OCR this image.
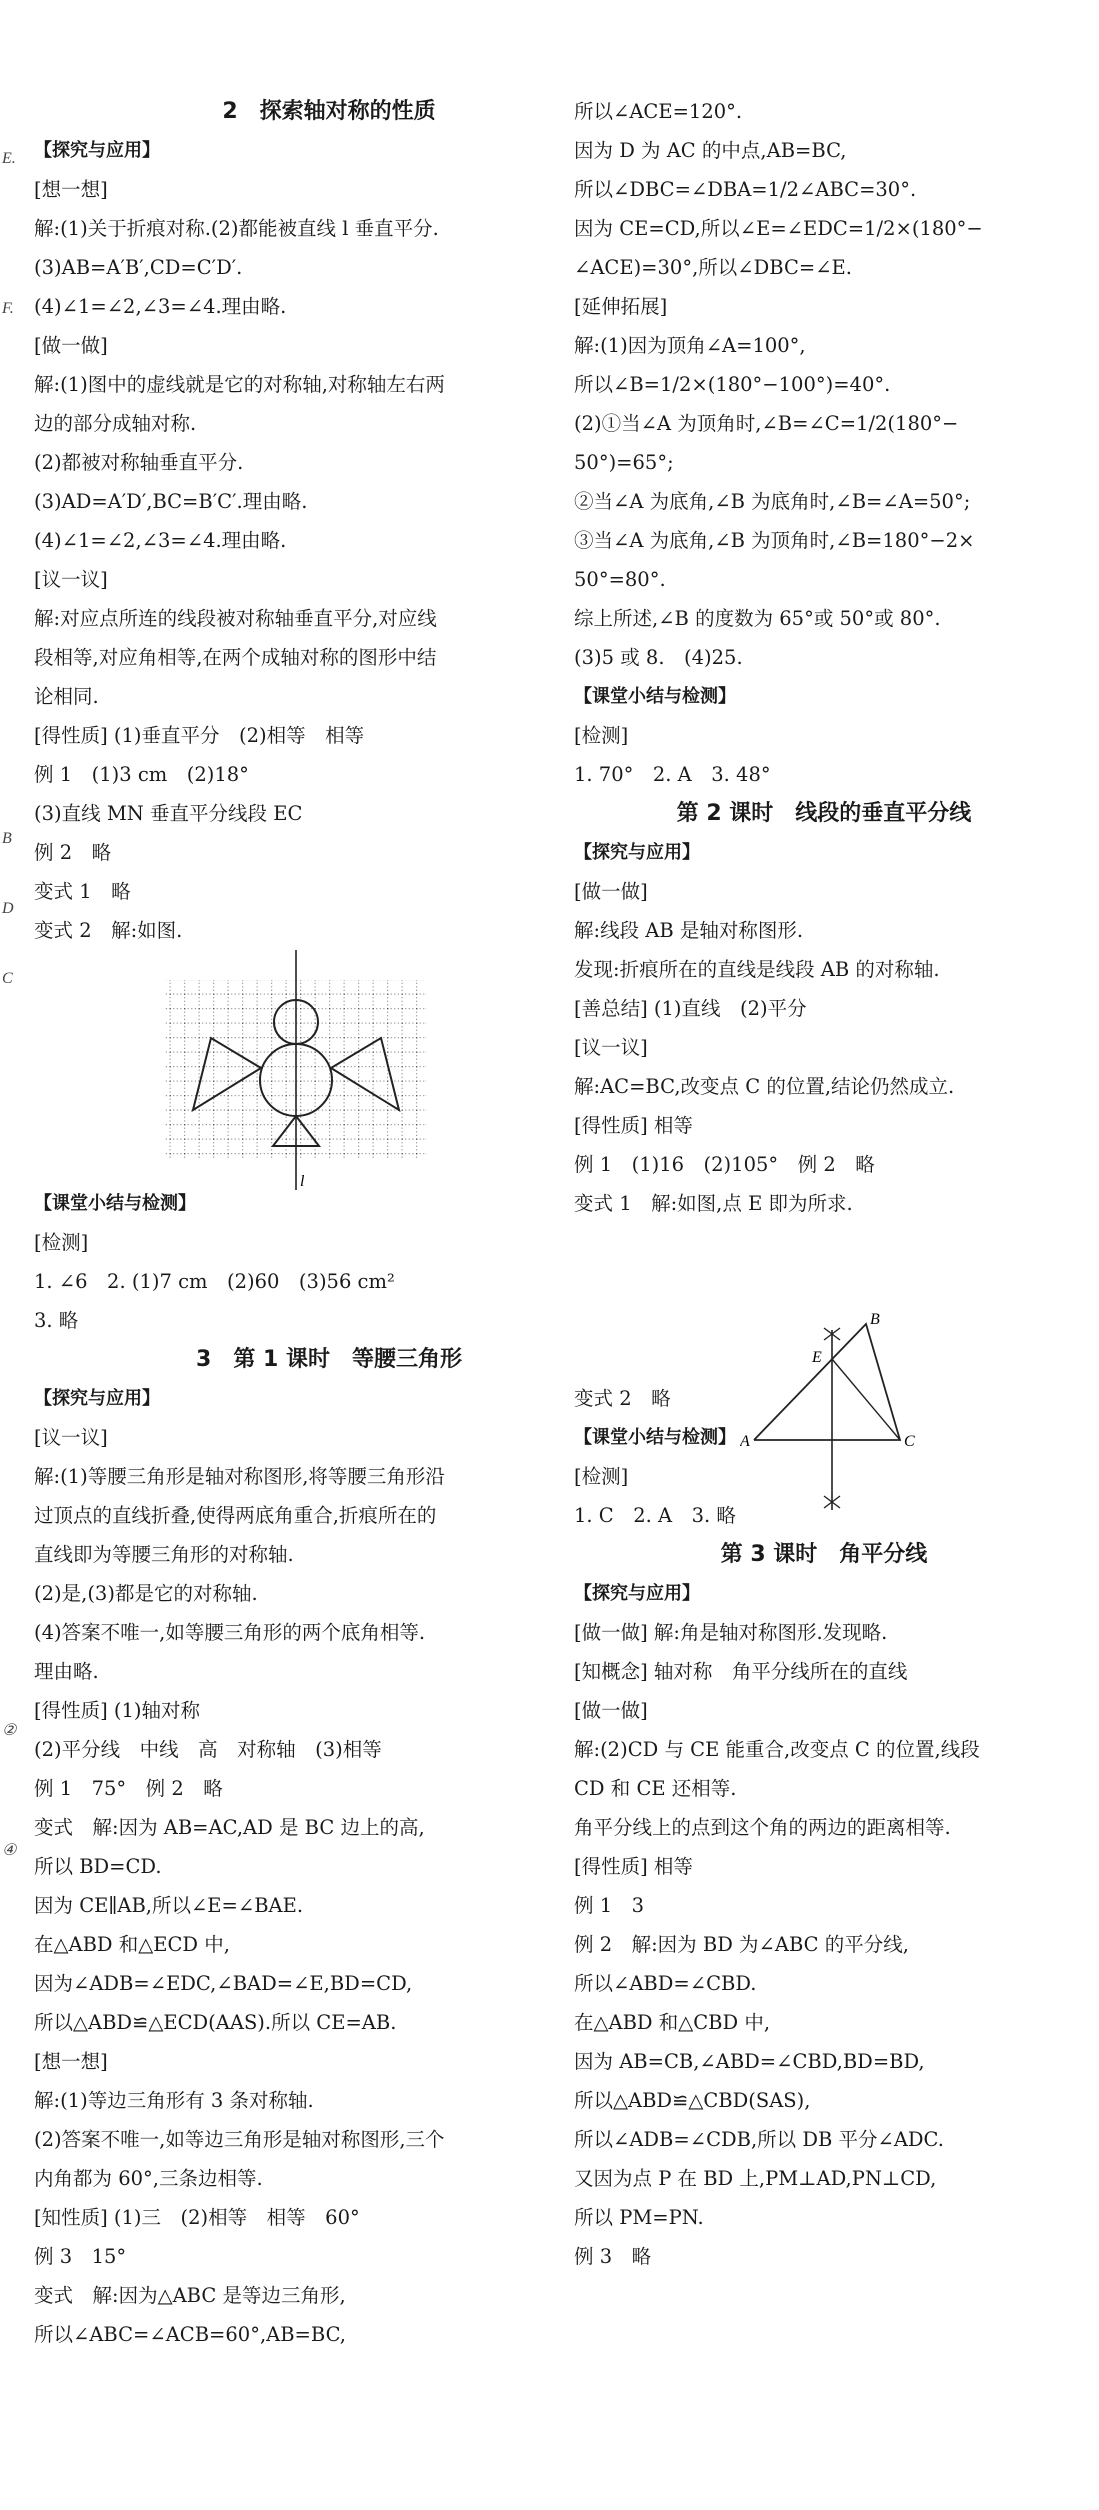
2　探索轴对称的性质
【探究与应用】
[想一想]
解:(1)关于折痕对称.(2)都能被直线 l 垂直平分.
(3)AB=A′B′,CD=C′D′.
(4)∠1=∠2,∠3=∠4.理由略.
[做一做]
解:(1)图中的虚线就是它的对称轴,对称轴左右两
边的部分成轴对称.
(2)都被对称轴垂直平分.
(3)AD=A′D′,BC=B′C′.理由略.
(4)∠1=∠2,∠3=∠4.理由略.
[议一议]
解:对应点所连的线段被对称轴垂直平分,对应线
段相等,对应角相等,在两个成轴对称的图形中结
论相同.
[得性质] (1)垂直平分　(2)相等　相等
例 1　(1)3 cm　(2)18°
(3)直线 MN 垂直平分线段 EC
例 2　略
变式 1　略
变式 2　解:如图.
【课堂小结与检测】
[检测]
1. ∠6　2. (1)7 cm　(2)60　(3)56 cm²
3. 略
3　第 1 课时　等腰三角形
【探究与应用】
[议一议]
解:(1)等腰三角形是轴对称图形,将等腰三角形沿
过顶点的直线折叠,使得两底角重合,折痕所在的
直线即为等腰三角形的对称轴.
(2)是,(3)都是它的对称轴.
(4)答案不唯一,如等腰三角形的两个底角相等.
理由略.
[得性质] (1)轴对称
(2)平分线　中线　高　对称轴　(3)相等
例 1　75°　例 2　略
变式　解:因为 AB=AC,AD 是 BC 边上的高,
所以 BD=CD.
因为 CE∥AB,所以∠E=∠BAE.
在△ABD 和△ECD 中,
因为∠ADB=∠EDC,∠BAD=∠E,BD=CD,
所以△ABD≌△ECD(AAS).所以 CE=AB.
[想一想]
解:(1)等边三角形有 3 条对称轴.
(2)答案不唯一,如等边三角形是轴对称图形,三个
内角都为 60°,三条边相等.
[知性质] (1)三　(2)相等　相等　60°
例 3　15°
变式　解:因为△ABC 是等边三角形,
所以∠ABC=∠ACB=60°,AB=BC,
所以∠ACE=120°.
因为 D 为 AC 的中点,AB=BC,
所以∠DBC=∠DBA=1/2∠ABC=30°.
因为 CE=CD,所以∠E=∠EDC=1/2×(180°−
∠ACE)=30°,所以∠DBC=∠E.
[延伸拓展]
解:(1)因为顶角∠A=100°,
所以∠B=1/2×(180°−100°)=40°.
(2)①当∠A 为顶角时,∠B=∠C=1/2(180°−
50°)=65°;
②当∠A 为底角,∠B 为底角时,∠B=∠A=50°;
③当∠A 为底角,∠B 为顶角时,∠B=180°−2×
50°=80°.
综上所述,∠B 的度数为 65°或 50°或 80°.
(3)5 或 8.　(4)25.
【课堂小结与检测】
[检测]
1. 70°　2. A　3. 48°
第 2 课时　线段的垂直平分线
【探究与应用】
[做一做]
解:线段 AB 是轴对称图形.
发现:折痕所在的直线是线段 AB 的对称轴.
[善总结] (1)直线　(2)平分
[议一议]
解:AC=BC,改变点 C 的位置,结论仍然成立.
[得性质] 相等
例 1　(1)16　(2)105°　例 2　略
变式 1　解:如图,点 E 即为所求.
变式 2　略
【课堂小结与检测】
[检测]
1. C　2. A　3. 略
第 3 课时　角平分线
【探究与应用】
[做一做] 解:角是轴对称图形.发现略.
[知概念] 轴对称　角平分线所在的直线
[做一做]
解:(2)CD 与 CE 能重合,改变点 C 的位置,线段
CD 和 CE 还相等.
角平分线上的点到这个角的两边的距离相等.
[得性质] 相等
例 1　3
例 2　解:因为 BD 为∠ABC 的平分线,
所以∠ABD=∠CBD.
在△ABD 和△CBD 中,
因为 AB=CB,∠ABD=∠CBD,BD=BD,
所以△ABD≌△CBD(SAS),
所以∠ADB=∠CDB,所以 DB 平分∠ADC.
又因为点 P 在 BD 上,PM⊥AD,PN⊥CD,
所以 PM=PN.
例 3　略
l
A
B
C
E
E.
F.
B
D
C
②
④
